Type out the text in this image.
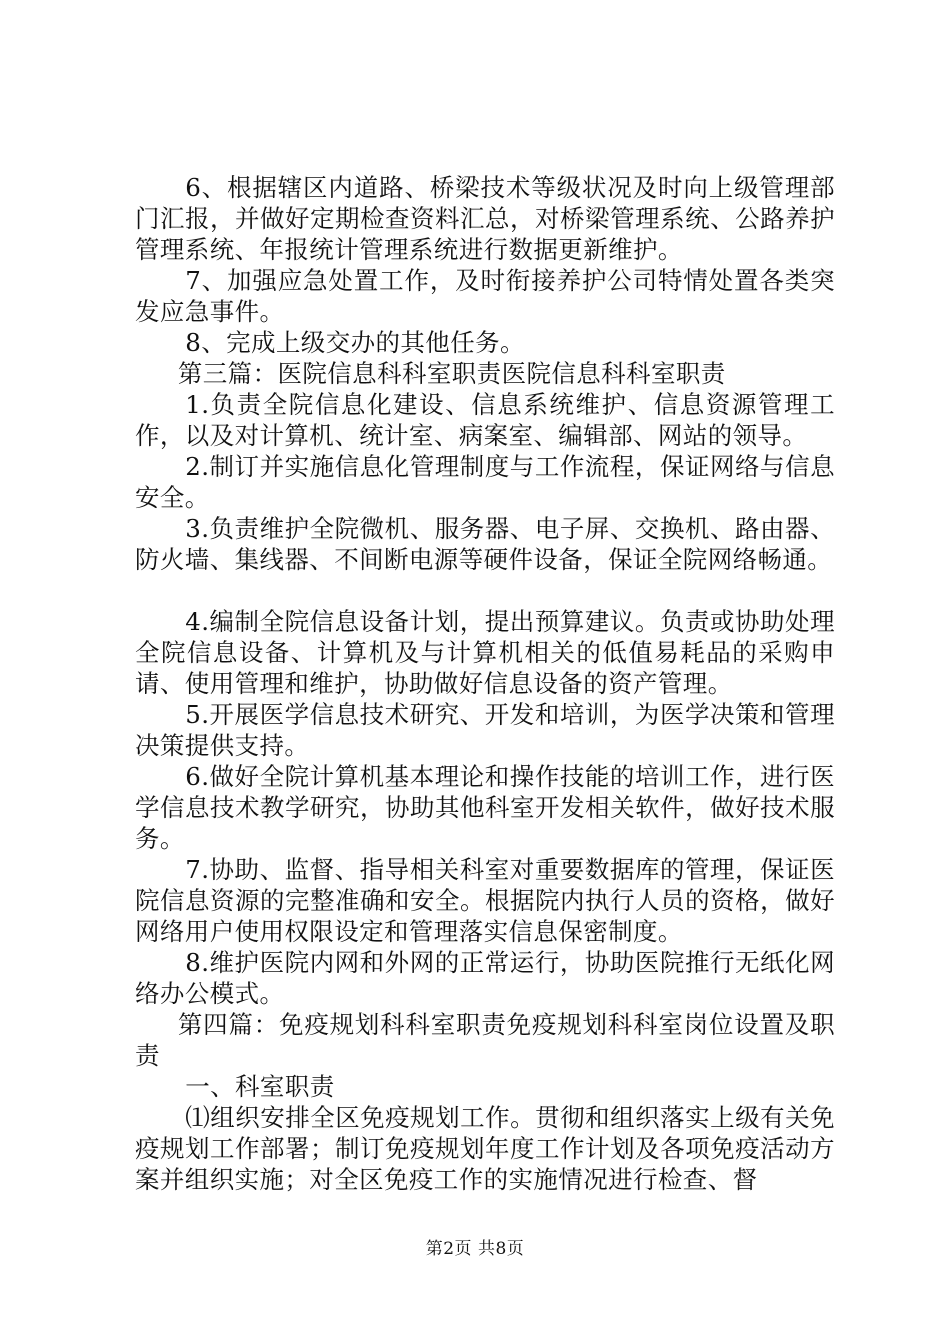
6、根据辖区内道路、桥梁技术等级状况及时向上级管理部门汇报，并做好定期检查资料汇总，对桥梁管理系统、公路养护管理系统、年报统计管理系统进行数据更新维护。

7、加强应急处置工作，及时衔接养护公司特情处置各类突发应急事件。

8、完成上级交办的其他任务。

第三篇：医院信息科科室职责医院信息科科室职责

1.负责全院信息化建设、信息系统维护、信息资源管理工作，以及对计算机、统计室、病案室、编辑部、网站的领导。

2.制订并实施信息化管理制度与工作流程，保证网络与信息安全。

3.负责维护全院微机、服务器、电子屏、交换机、路由器、防火墙、集线器、不间断电源等硬件设备，保证全院网络畅通。

4.编制全院信息设备计划，提出预算建议。负责或协助处理全院信息设备、计算机及与计算机相关的低值易耗品的采购申请、使用管理和维护，协助做好信息设备的资产管理。

5.开展医学信息技术研究、开发和培训，为医学决策和管理决策提供支持。

6.做好全院计算机基本理论和操作技能的培训工作，进行医学信息技术教学研究，协助其他科室开发相关软件，做好技术服务。

7.协助、监督、指导相关科室对重要数据库的管理，保证医院信息资源的完整准确和安全。根据院内执行人员的资格，做好网络用户使用权限设定和管理落实信息保密制度。

8.维护医院内网和外网的正常运行，协助医院推行无纸化网络办公模式。

第四篇：免疫规划科科室职责免疫规划科科室岗位设置及职责

一、科室职责

⑴组织安排全区免疫规划工作。贯彻和组织落实上级有关免疫规划工作部署；制订免疫规划年度工作计划及各项免疫活动方案并组织实施；对全区免疫工作的实施情况进行检查、督

第2页 共8页
